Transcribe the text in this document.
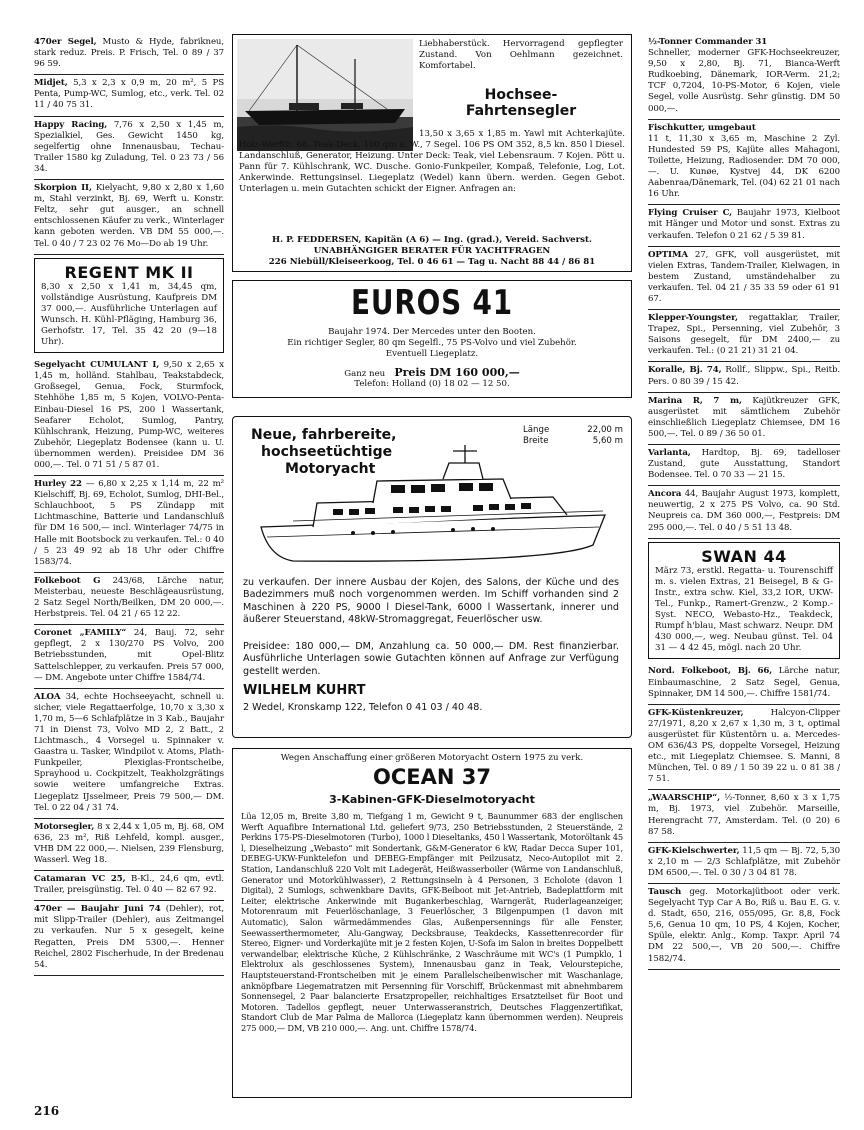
470er Segel, Musto & Hyde, fabrikneu, stark reduz. Preis. P. Frisch, Tel. 0 89 / 37 96 59.

Midjet, 5,3 x 2,3 x 0,9 m, 20 m², 5 PS Penta, Pump-WC, Sumlog, etc., verk. Tel. 02 11 / 40 75 31.

Happy Racing, 7,76 x 2,50 x 1,45 m, Spezialkiel, Ges. Gewicht 1450 kg, segelfertig ohne Innenausbau, Techau-Trailer 1580 kg Zuladung, Tel. 0 23 73 / 56 34.

Skorpion II, Kielyacht, 9,80 x 2,80 x 1,60 m, Stahl verzinkt, Bj. 69, Werft u. Konstr. Feltz, sehr gut ausger., an schnell entschlossenen Käufer zu verk., Winterlager kann geboten werden. VB DM 55 000,—. Tel. 0 40 / 7 23 02 76 Mo—Do ab 19 Uhr.

REGENT MK II
8,30 x 2,50 x 1,41 m, 34,45 qm, vollständige Ausrüstung, Kaufpreis DM 37 000,—. Ausführliche Unterlagen auf Wunsch. H. Kühl-Pfläging, Hamburg 36, Gerhofstr. 17, Tel. 35 42 20 (9—18 Uhr).

Segelyacht CUMULANT I, 9,50 x 2,65 x 1,45 m, holländ. Stahlbau, Teakstabdeck, Großsegel, Genua, Fock, Sturmfock, Stehhöhe 1,85 m, 5 Kojen, VOLVO-Penta-Einbau-Diesel 16 PS, 200 l Wassertank, Seafarer Echolot, Sumlog, Pantry, Kühlschrank, Heizung, Pump-WC, weiteres Zubehör, Liegeplatz Bodensee (kann u. U. übernommen werden). Preisidee DM 36 000,—. Tel. 0 71 51 / 5 87 01.

Hurley 22 — 6,80 x 2,25 x 1,14 m, 22 m² Kielschiff, Bj. 69, Echolot, Sumlog, DHI-Bel., Schlauchboot, 5 PS Zündapp mit Lichtmaschine, Batterie und Landanschluß für DM 16 500,— incl. Winterlager 74/75 in Halle mit Bootsbock zu verkaufen. Tel.: 0 40 / 5 23 49 92 ab 18 Uhr oder Chiffre 1583/74.

Folkeboot G 243/68, Lärche natur, Meisterbau, neueste Beschlägeausrüstung, 2 Satz Segel North/Beilken, DM 20 000,—. Herbstpreis. Tel. 04 21 / 65 12 22.

Coronet „FAMILY“ 24, Bauj. 72, sehr gepflegt, 2 x 130/270 PS Volvo, 200 Betriebsstunden, mit Opel-Blitz Sattelschlepper, zu verkaufen. Preis 57 000,— DM. Angebote unter Chiffre 1584/74.

ALOA 34, echte Hochseeyacht, schnell u. sicher, viele Regattaerfolge, 10,70 x 3,30 x 1,70 m, 5—6 Schlafplätze in 3 Kab., Baujahr 71 in Dienst 73, Volvo MD 2, 2 Batt., 2 Lichtmasch., 4 Vorsegel u. Spinnaker v. Gaastra u. Tasker, Windpilot v. Atoms, Plath-Funkpeiler, Plexiglas-Frontscheibe, Sprayhood u. Cockpitzelt, Teakholzgrätings sowie weitere umfangreiche Extras. Liegeplatz IJsselmeer, Preis 79 500,— DM. Tel. 0 22 04 / 31 74.

Motorsegler, 8 x 2,44 x 1,05 m, Bj. 68, OM 636, 23 m², Riß Lehfeld, kompl. ausger., VHB DM 22 000,—. Nielsen, 239 Flensburg, Wasserl. Weg 18.

Catamaran VC 25, B-Kl., 24,6 qm, evtl. Trailer, preisgünstig. Tel. 0 40 — 82 67 92.

470er — Baujahr Juni 74 (Dehler), rot, mit Slipp-Trailer (Dehler), aus Zeitmangel zu verkaufen. Nur 5 x gesegelt, keine Regatten, Preis DM 5300,—. Henner Reichel, 2802 Fischerhude, In der Bredenau 54.

½-Tonner Commander 31
Schneller, moderner GFK-Hochseekreuzer, 9,50 x 2,80, Bj. 71, Bianca-Werft Rudkoebing, Dänemark, IOR-Verm. 21,2; TCF 0,7204, 10-PS-Motor, 6 Kojen, viele Segel, volle Ausrüstg. Sehr günstig. DM 50 000,—.

Fischkutter, umgebaut
11 t, 11,30 x 3,65 m, Maschine 2 Zyl. Hundested 59 PS, Kajüte alles Mahagoni, Toilette, Heizung, Radiosender. DM 70 000,—. U. Kunøe, Kystvej 44, DK 6200 Aabenraa/Dänemark, Tel. (04) 62 21 01 nach 16 Uhr.

Flying Cruiser C, Baujahr 1973, Kielboot mit Hänger und Motor und sonst. Extras zu verkaufen. Telefon 0 21 62 / 5 39 81.

OPTIMA 27, GFK, voll ausgerüstet, mit vielen Extras, Tandem-Trailer, Kielwagen, in bestem Zustand, umständehalber zu verkaufen. Tel. 04 21 / 35 33 59 oder 61 91 67.

Klepper-Youngster, regattaklar, Trailer, Trapez, Spi., Persenning, viel Zubehör, 3 Saisons gesegelt, für DM 2400,— zu verkaufen. Tel.: (0 21 21) 31 21 04.

Koralle, Bj. 74, Rollf., Slippw., Spi., Reitb. Pers. 0 80 39 / 15 42.

Marina R, 7 m, Kajütkreuzer GFK, ausgerüstet mit sämtlichem Zubehör einschließlich Liegeplatz Chiemsee, DM 16 500,—. Tel. 0 89 / 36 50 01.

Varlanta, Hardtop, Bj. 69, tadelloser Zustand, gute Ausstattung, Standort Bodensee. Tel. 0 70 33 — 21 15.

Ancora 44, Baujahr August 1973, komplett, neuwertig, 2 x 275 PS Volvo, ca. 90 Std. Neupreis ca. DM 360 000,—, Festpreis: DM 295 000,—. Tel. 0 40 / 5 51 13 48.

SWAN 44
März 73, erstkl. Regatta- u. Tourenschiff m. s. vielen Extras, 21 Beisegel, B & G-Instr., extra schw. Kiel, 33,2 IOR, UKW-Tel., Funkp., Ramert-Grenzw., 2 Komp.-Syst. NECO, Webasto-Hz., Teakdeck, Rumpf h'blau, Mast schwarz. Neupr. DM 430 000,—, weg. Neubau günst. Tel. 04 31 — 4 42 45, mögl. nach 20 Uhr.

Nord. Folkeboot, Bj. 66, Lärche natur, Einbaumaschine, 2 Satz Segel, Genua, Spinnaker, DM 14 500,—. Chiffre 1581/74.

GFK-Küstenkreuzer, Halcyon-Clipper 27/1971, 8,20 x 2,67 x 1,30 m, 3 t, optimal ausgerüstet für Küstentörn u. a. Mercedes-OM 636/43 PS, doppelte Vorsegel, Heizung etc., mit Liegeplatz Chiemsee. S. Manni, 8 München, Tel. 0 89 / 1 50 39 22 u. 0 81 38 / 7 51.

„WAARSCHIP“, ½-Tonner, 8,60 x 3 x 1,75 m, Bj. 1973, viel Zubehör. Marseille, Herengracht 77, Amsterdam. Tel. (0 20) 6 87 58.

GFK-Kielschwerter, 11,5 qm — Bj. 72, 5,30 x 2,10 m — 2/3 Schlafplätze, mit Zubehör DM 6500,—. Tel. 0 30 / 3 04 81 78.

Tausch geg. Motorkajütboot oder verk. Segelyacht Typ Car A Bo, Riß u. Bau E. G. v. d. Stadt, 650, 216, 055/095, Gr. 8,8, Fock 5,6, Genua 10 qm, 10 PS, 4 Kojen, Kocher, Spüle, elektr. Anlg., Komp. Taxpr. April 74 DM 22 500,—, VB 20 500,—. Chiffre 1582/74.

Liebhaberstück. Hervorragend gepflegter Zustand. Von Oehlmann gezeichnet. Komfortabel.
Hochsee-
Fahrtensegler
13,50 x 3,65 x 1,85 m. Yawl mit Achterkajüte. Holz-Werftb. 68. Teak-Deck. 100 qm a. W., 7 Segel. 106 PS OM 352, 8,5 kn. 850 l Diesel. Landanschluß, Generator, Heizung. Unter Deck: Teak, viel Lebensraum. 7 Kojen. Pött u. Pann für 7. Kühlschrank, WC. Dusche. Gonio-Funkpeiler, Kompaß, Telefonie, Log, Lot. Ankerwinde. Rettungsinsel. Liegeplatz (Wedel) kann übern. werden. Gegen Gebot. Unterlagen u. mein Gutachten schickt der Eigner. Anfragen an:
H. P. FEDDERSEN, Kapitän (A 6) — Ing. (grad.), Vereid. Sachverst.
UNABHÄNGIGER BERATER FÜR YACHTFRAGEN
226 Niebüll/Kleiseerkoog, Tel. 0 46 61 — Tag u. Nacht 88 44 / 86 81
EUROS 41
Baujahr 1974. Der Mercedes unter den Booten.
Ein richtiger Segler, 80 qm Segelfl., 75 PS-Volvo und viel Zubehör.
Eventuell Liegeplatz.
Ganz neu Preis DM 160 000,—
Telefon: Holland (0) 18 02 — 12 50.
Neue, fahrbereite,
hochseetüchtige
Motoryacht
Länge	22,00 m
Breite	5,60 m
zu verkaufen. Der innere Ausbau der Kojen, des Salons, der Küche und des Badezimmers muß noch vorgenommen werden. Im Schiff vorhanden sind 2 Maschinen à 220 PS, 9000 l Diesel-Tank, 6000 l Wassertank, innerer und äußerer Steuerstand, 48kW-Stromaggregat, Feuerlöscher usw.
Preisidee: 180 000,— DM, Anzahlung ca. 50 000,— DM. Rest finanzierbar. Ausführliche Unterlagen sowie Gutachten können auf Anfrage zur Verfügung gestellt werden.
WILHELM KUHRT
2 Wedel, Kronskamp 122, Telefon 0 41 03 / 40 48.
Wegen Anschaffung einer größeren Motoryacht Ostern 1975 zu verk.
OCEAN 37
3-Kabinen-GFK-Dieselmotoryacht
Lüa 12,05 m, Breite 3,80 m, Tiefgang 1 m, Gewicht 9 t, Baunummer 683 der englischen Werft Aquafibre International Ltd. geliefert 9/73, 250 Betriebsstunden, 2 Steuerstände, 2 Perkins 175-PS-Dieselmotoren (Turbo), 1000 l Dieseltanks, 450 l Wassertank, Motoröltank 45 l, Dieselheizung „Webasto“ mit Sondertank, G&M-Generator 6 kW, Radar Decca Super 101, DEBEG-UKW-Funktelefon und DEBEG-Empfänger mit Peilzusatz, Neco-Autopilot mit 2. Station, Landanschluß 220 Volt mit Ladegerät, Heißwasserboiler (Wärme von Landanschluß, Generator und Motorkühlwasser), 2 Rettungsinseln à 4 Personen, 3 Echolote (davon 1 Digital), 2 Sumlogs, schwenkbare Davits, GFK-Beiboot mit Jet-Antrieb, Badeplattform mit Leiter, elektrische Ankerwinde mit Bugankerbeschlag, Warngerät, Ruderlageanzeiger, Motorenraum mit Feuerlöschanlage, 3 Feuerlöscher, 3 Bilgenpumpen (1 davon mit Automatic), Salon wärmedämmendes Glas, Außenpersennings für alle Fenster, Seewasserthermometer, Alu-Gangway, Decksbrause, Teakdecks, Kassettenrecorder für Stereo, Eigner- und Vorderkajüte mit je 2 festen Kojen, U-Sofa im Salon in breites Doppelbett verwandelbar, elektrische Küche, 2 Kühlschränke, 2 Waschräume mit WC's (1 Pumpklo, 1 Elektrolux als geschlossenes System), Innenausbau ganz in Teak, Velourstepiche, Hauptsteuerstand-Frontscheiben mit je einem Parallelscheibenwischer mit Waschanlage, anknöpfbare Liegematratzen mit Persenning für Vorschiff, Brückenmast mit abnehmbarem Sonnensegel, 2 Paar balancierte Ersatzpropeller, reichhaltiges Ersatzteilset für Boot und Motoren. Tadellos gepflegt, neuer Unterwasseranstrich, Deutsches Flaggenzertifikat, Standort Club de Mar Palma de Mallorca (Liegeplatz kann übernommen werden). Neupreis 275 000,— DM, VB 210 000,—. Ang. unt. Chiffre 1578/74.
216
